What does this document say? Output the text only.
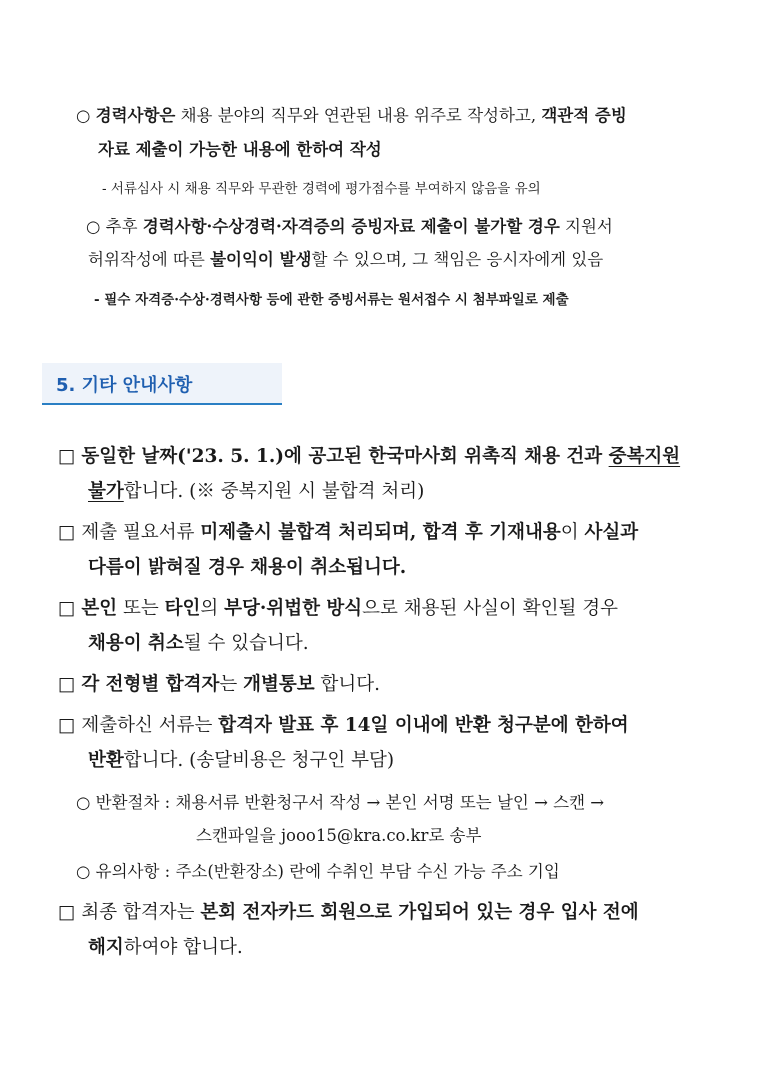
○ 경력사항은 채용 분야의 직무와 연관된 내용 위주로 작성하고, 객관적 증빙
자료 제출이 가능한 내용에 한하여 작성
- 서류심사 시 채용 직무와 무관한 경력에 평가점수를 부여하지 않음을 유의
○ 추후 경력사항·수상경력·자격증의 증빙자료 제출이 불가할 경우 지원서
허위작성에 따른 불이익이 발생할 수 있으며, 그 책임은 응시자에게 있음
- 필수 자격증·수상·경력사항 등에 관한 증빙서류는 원서접수 시 첨부파일로 제출
5. 기타 안내사항
□ 동일한 날짜('23. 5. 1.)에 공고된 한국마사회 위촉직 채용 건과 중복지원
불가합니다. (※ 중복지원 시 불합격 처리)
□ 제출 필요서류 미제출시 불합격 처리되며, 합격 후 기재내용이 사실과
다름이 밝혀질 경우 채용이 취소됩니다.
□ 본인 또는 타인의 부당·위법한 방식으로 채용된 사실이 확인될 경우
채용이 취소될 수 있습니다.
□ 각 전형별 합격자는 개별통보 합니다.
□ 제출하신 서류는 합격자 발표 후 14일 이내에 반환 청구분에 한하여
반환합니다. (송달비용은 청구인 부담)
○ 반환절차 : 채용서류 반환청구서 작성 → 본인 서명 또는 날인 → 스캔 →
스캔파일을 jooo15@kra.co.kr로 송부
○ 유의사항 : 주소(반환장소) 란에 수취인 부담 수신 가능 주소 기입
□ 최종 합격자는 본회 전자카드 회원으로 가입되어 있는 경우 입사 전에
해지하여야 합니다.
